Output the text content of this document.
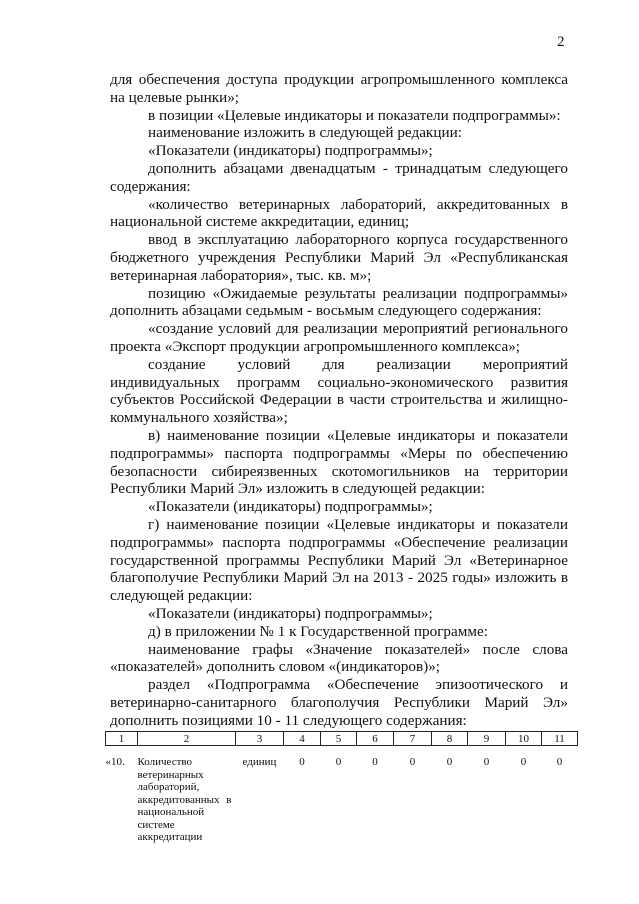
2

для обеспечения доступа продукции агропромышленного комплекса на целевые рынки»;

в позиции «Целевые индикаторы и показатели подпрограммы»:

наименование изложить в следующей редакции:

«Показатели (индикаторы) подпрограммы»;

дополнить абзацами двенадцатым - тринадцатым следующего содержания:

«количество ветеринарных лабораторий, аккредитованных в национальной системе аккредитации, единиц;

ввод в эксплуатацию лабораторного корпуса государственного бюджетного учреждения Республики Марий Эл «Республиканская ветеринарная лаборатория», тыс. кв. м»;

позицию «Ожидаемые результаты реализации подпрограммы» дополнить абзацами седьмым - восьмым следующего содержания:

«создание условий для реализации мероприятий регионального проекта «Экспорт продукции агропромышленного комплекса»;

создание условий для реализации мероприятий индивидуальных программ социально-экономического развития субъектов Российской Федерации в части строительства и жилищно-коммунального хозяйства»;

в) наименование позиции «Целевые индикаторы и показатели подпрограммы» паспорта подпрограммы «Меры по обеспечению безопасности сибиреязвенных скотомогильников на территории Республики Марий Эл» изложить в следующей редакции:

«Показатели (индикаторы) подпрограммы»;

г) наименование позиции «Целевые индикаторы и показатели подпрограммы» паспорта подпрограммы «Обеспечение реализации государственной программы Республики Марий Эл «Ветеринарное благополучие Республики Марий Эл на 2013 - 2025 годы» изложить в следующей редакции:

«Показатели (индикаторы) подпрограммы»;

д) в приложении № 1 к Государственной программе:

наименование графы «Значение показателей» после слова «показателей» дополнить словом «(индикаторов)»;

раздел «Подпрограмма «Обеспечение эпизоотического и ветеринарно-санитарного благополучия Республики Марий Эл» дополнить позициями 10 - 11 следующего содержания:

1	2	3	4	5	6	7	8	9	10	11

«10.	Количество ветеринарных лабораторий, аккредитованных в национальной системе аккредитации	единиц	0	0	0	0	0	0	0	0
